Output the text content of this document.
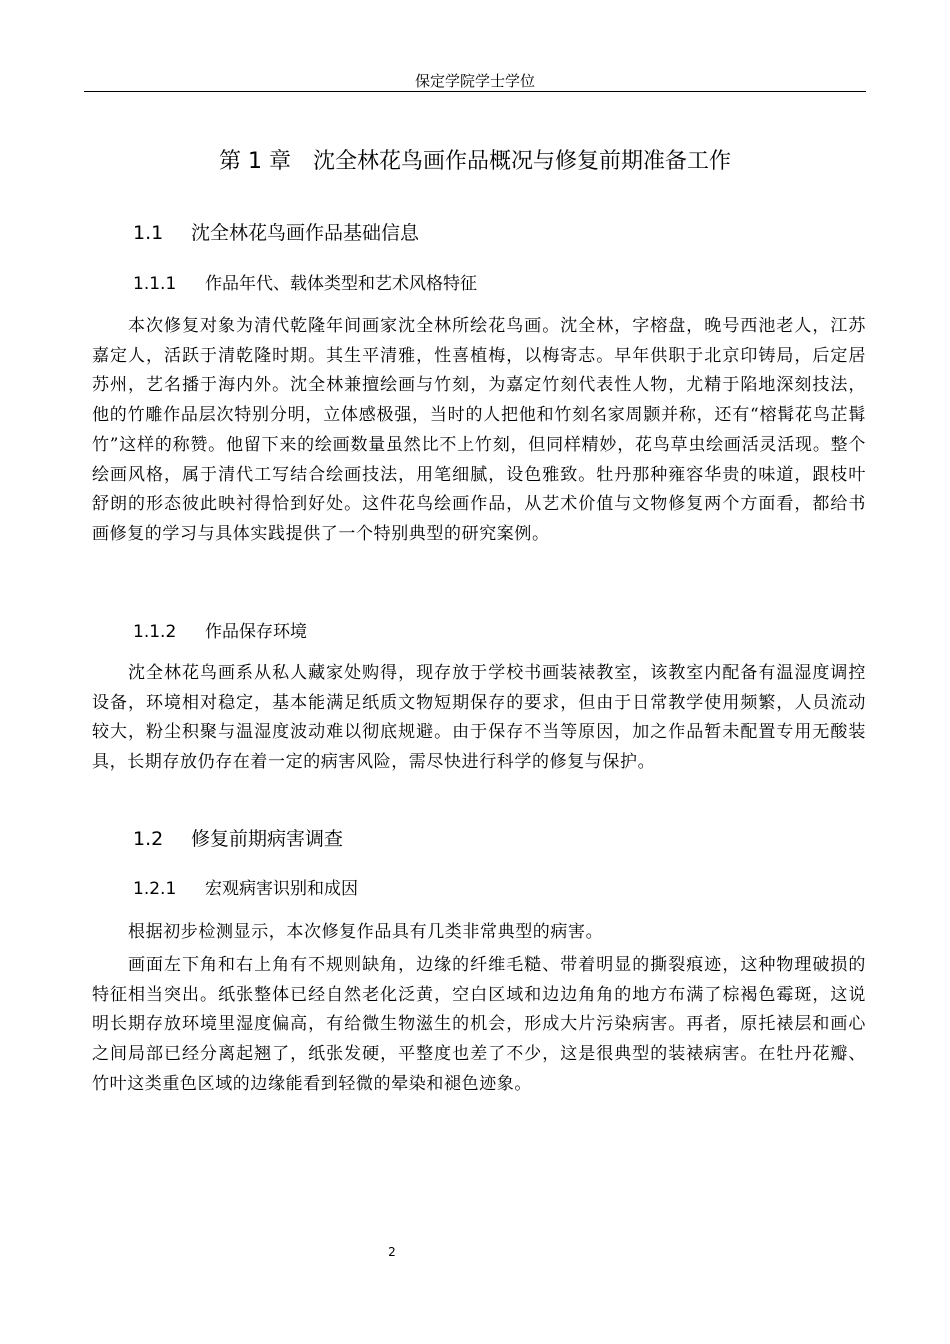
保定学院学士学位
第 1 章　沈全林花鸟画作品概况与修复前期准备工作
1.1 沈全林花鸟画作品基础信息
1.1.1 作品年代、载体类型和艺术风格特征

本次修复对象为清代乾隆年间画家沈全林所绘花鸟画。沈全林，字榕盘，晚号西池老人，江苏嘉定人，活跃于清乾隆时期。其生平清雅，性喜植梅，以梅寄志。早年供职于北京印铸局，后定居苏州，艺名播于海内外。沈全林兼擅绘画与竹刻，为嘉定竹刻代表性人物，尤精于陷地深刻技法，他的竹雕作品层次特别分明，立体感极强，当时的人把他和竹刻名家周颢并称，还有“榕髯花鸟芷髯竹”这样的称赞。他留下来的绘画数量虽然比不上竹刻，但同样精妙，花鸟草虫绘画活灵活现。整个绘画风格，属于清代工写结合绘画技法，用笔细腻，设色雅致。牡丹那种雍容华贵的味道，跟枝叶舒朗的形态彼此映衬得恰到好处。这件花鸟绘画作品，从艺术价值与文物修复两个方面看，都给书画修复的学习与具体实践提供了一个特别典型的研究案例。

1.1.2 作品保存环境

沈全林花鸟画系从私人藏家处购得，现存放于学校书画装裱教室，该教室内配备有温湿度调控设备，环境相对稳定，基本能满足纸质文物短期保存的要求，但由于日常教学使用频繁，人员流动较大，粉尘积聚与温湿度波动难以彻底规避。由于保存不当等原因，加之作品暂未配置专用无酸装具，长期存放仍存在着一定的病害风险，需尽快进行科学的修复与保护。

1.2 修复前期病害调查
1.2.1 宏观病害识别和成因

根据初步检测显示，本次修复作品具有几类非常典型的病害。

画面左下角和右上角有不规则缺角，边缘的纤维毛糙、带着明显的撕裂痕迹，这种物理破损的特征相当突出。纸张整体已经自然老化泛黄，空白区域和边边角角的地方布满了棕褐色霉斑，这说明长期存放环境里湿度偏高，有给微生物滋生的机会，形成大片污染病害。再者，原托裱层和画心之间局部已经分离起翘了，纸张发硬，平整度也差了不少，这是很典型的装裱病害。在牡丹花瓣、竹叶这类重色区域的边缘能看到轻微的晕染和褪色迹象。

2
